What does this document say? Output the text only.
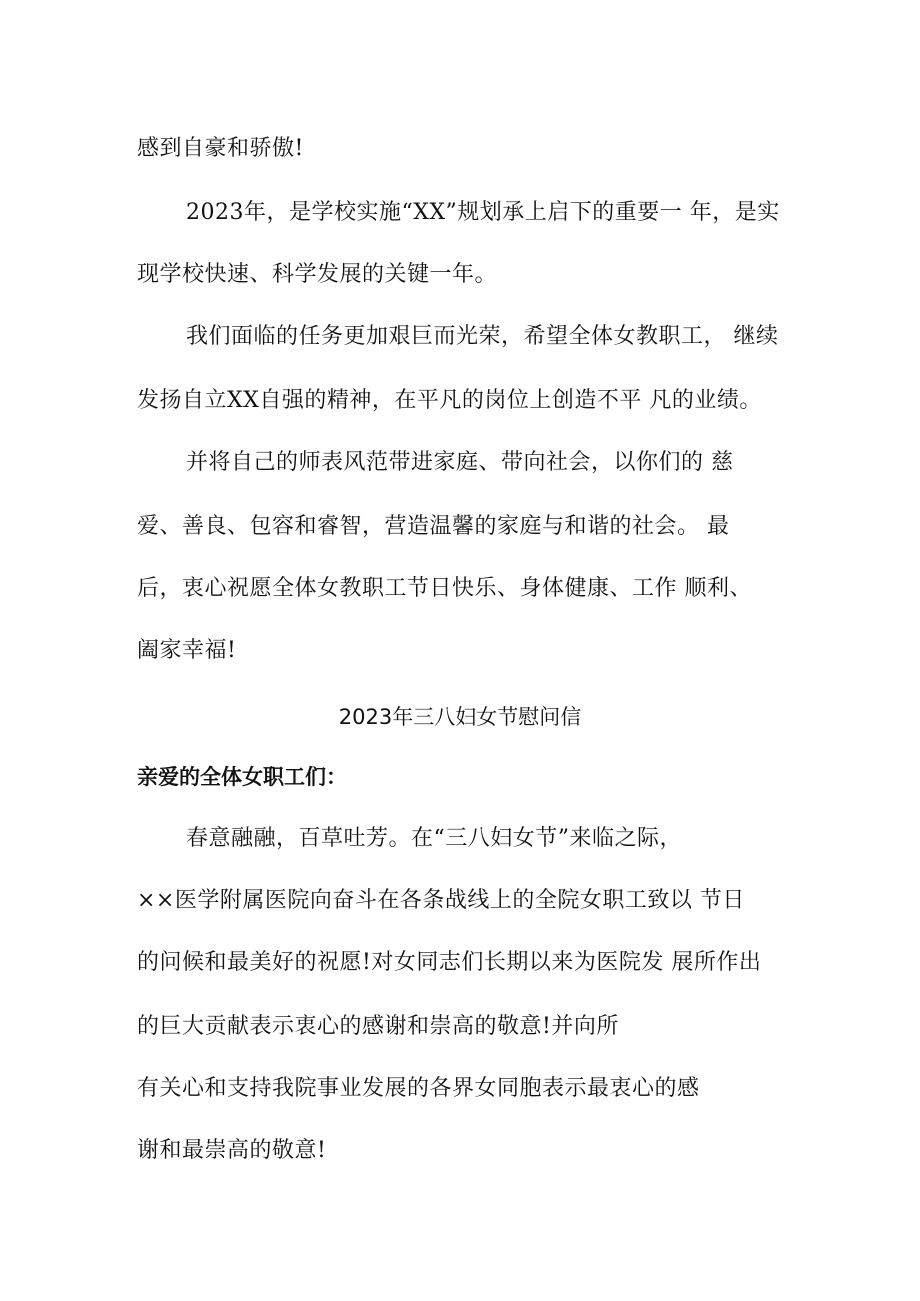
感到自豪和骄傲!
2023年，是学校实施“XX”规划承上启下的重要一 年，是实
现学校快速、科学发展的关键一年。
我们面临的任务更加艰巨而光荣，希望全体女教职工， 继续
发扬自立XX自强的精神，在平凡的岗位上创造不平 凡的业绩。
并将自己的师表风范带进家庭、带向社会，以你们的 慈
爱、善良、包容和睿智，营造温馨的家庭与和谐的社会。 最
后，衷心祝愿全体女教职工节日快乐、身体健康、工作 顺利、
阖家幸福!
2023年三八妇女节慰问信
亲爱的全体女职工们：
春意融融，百草吐芳。在“三八妇女节”来临之际，
××医学附属医院向奋斗在各条战线上的全院女职工致以 节日
的问候和最美好的祝愿!对女同志们长期以来为医院发 展所作出
的巨大贡献表示衷心的感谢和崇高的敬意!并向所
有关心和支持我院事业发展的各界女同胞表示最衷心的感
谢和最崇高的敬意!
